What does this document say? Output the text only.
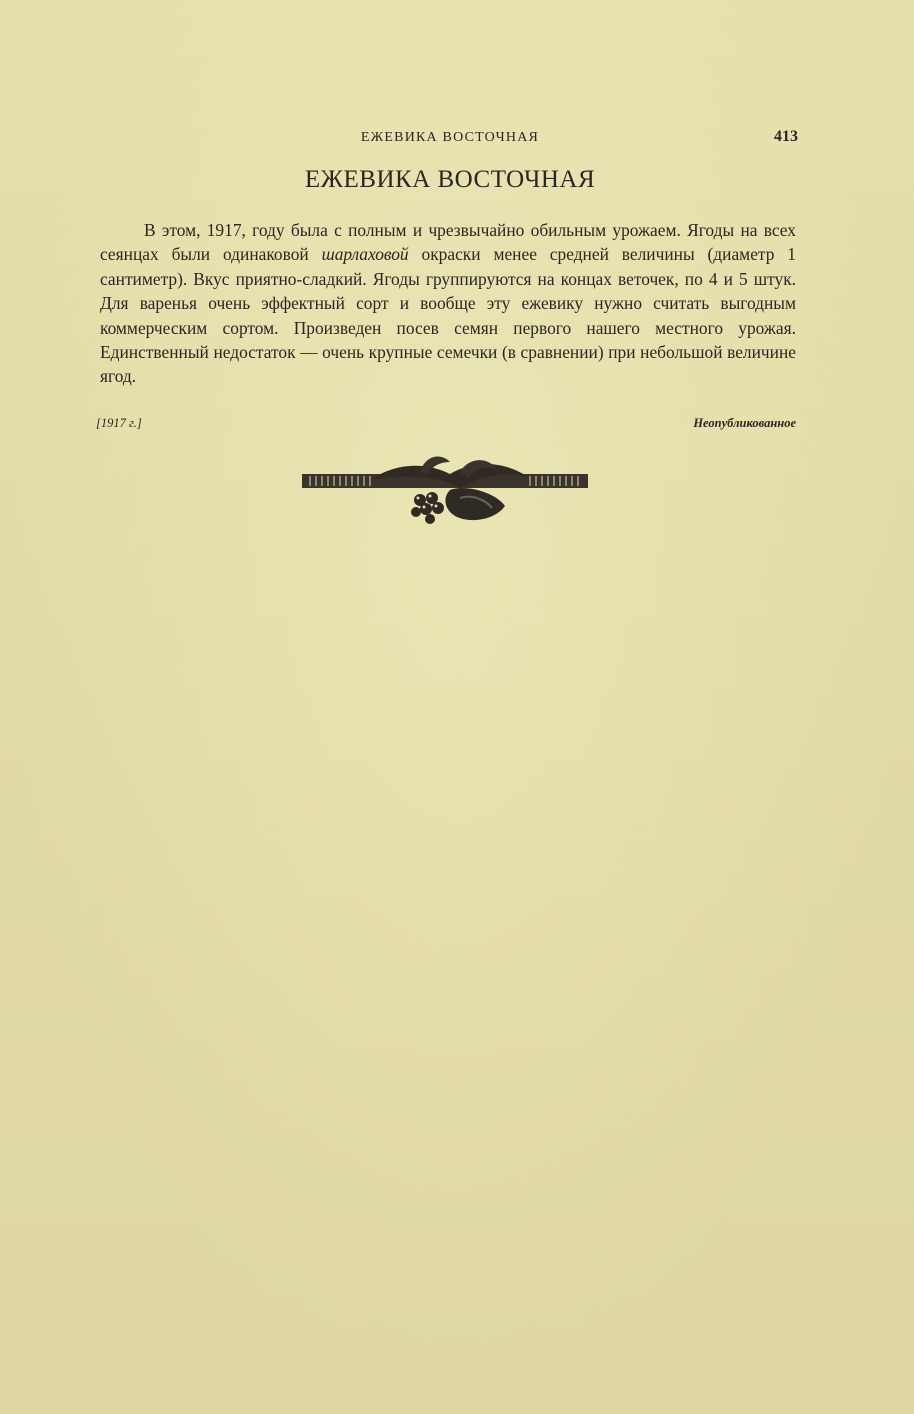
ЕЖЕВИКА ВОСТОЧНАЯ	413
ЕЖЕВИКА ВОСТОЧНАЯ

В этом, 1917, году была с полным и чрезвычайно обильным урожаем. Ягоды на всех сеянцах были одинаковой шарлаховой окраски менее средней величины (диаметр 1 сантиметр). Вкус приятно-сладкий. Ягоды группируются на концах веточек, по 4 и 5 штук. Для варенья очень эффектный сорт и вообще эту ежевику нужно считать выгодным коммерческим сортом. Произведен посев семян первого нашего местного урожая. Единственный недостаток — очень крупные семечки (в сравнении) при небольшой величине ягод.

[1917 г.]	Неопубликованное
